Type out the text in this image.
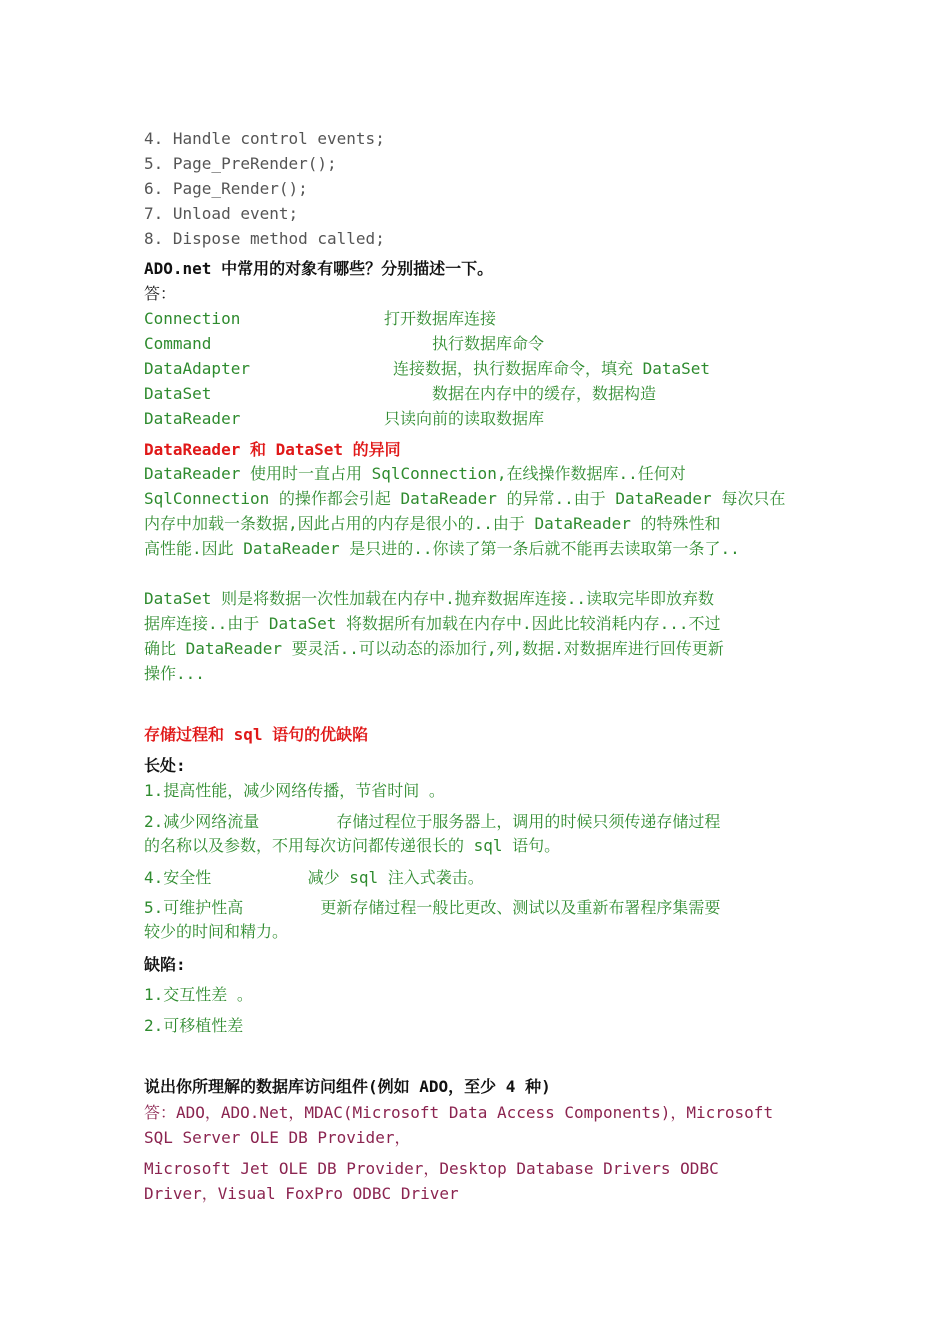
4. Handle control events;
5. Page_PreRender();
6. Page_Render();
7. Unload event;
8. Dispose method called;
ADO.net 中常用的对象有哪些？分别描述一下。
答：
Connection	打开数据库连接
Command	执行数据库命令
DataAdapter	连接数据，执行数据库命令，填充 DataSet
DataSet	数据在内存中的缓存，数据构造
DataReader	只读向前的读取数据库
DataReader 和 DataSet 的异同
DataReader 使用时一直占用 SqlConnection,在线操作数据库..任何对
SqlConnection 的操作都会引起 DataReader 的异常..由于 DataReader 每次只在
内存中加载一条数据,因此占用的内存是很小的..由于 DataReader 的特殊性和
高性能.因此 DataReader 是只进的..你读了第一条后就不能再去读取第一条了..
DataSet 则是将数据一次性加载在内存中.抛弃数据库连接..读取完毕即放弃数
据库连接..由于 DataSet 将数据所有加载在内存中.因此比较消耗内存...不过
确比 DataReader 要灵活..可以动态的添加行,列,数据.对数据库进行回传更新
操作...
存储过程和 sql 语句的优缺陷
长处:
1.提高性能，减少网络传播，节省时间 。
2.减少网络流量        存储过程位于服务器上，调用的时候只须传递存储过程
的名称以及参数，不用每次访问都传递很长的 sql 语句。
4.安全性          减少 sql 注入式袭击。
5.可维护性高        更新存储过程一般比更改、测试以及重新布署程序集需要
较少的时间和精力。
缺陷:
1.交互性差 。
2.可移植性差
说出你所理解的数据库访问组件(例如 ADO，至少 4 种)
答：ADO，ADO.Net，MDAC(Microsoft Data Access Components)，Microsoft
SQL Server OLE DB Provider，
Microsoft Jet OLE DB Provider，Desktop Database Drivers ODBC
Driver，Visual FoxPro ODBC Driver
